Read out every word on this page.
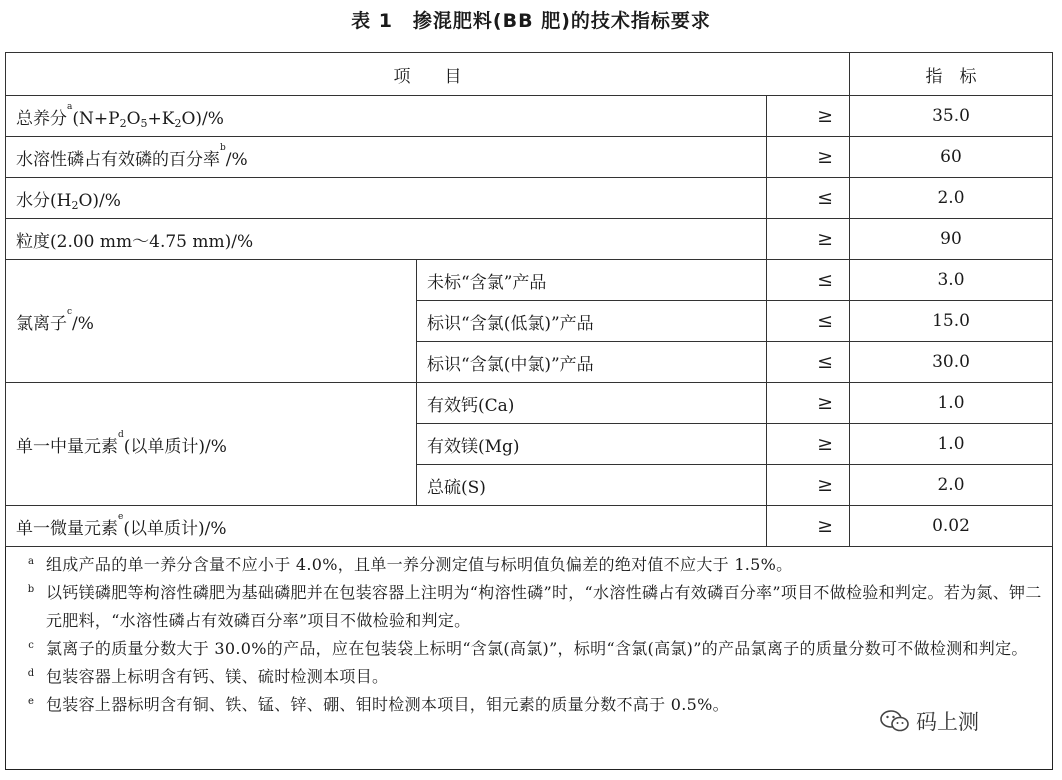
表 1　掺混肥料(BB 肥)的技术指标要求
项　　目			指　标
总养分$^a(N+P_2O_5+K_2O)/\%$		≥	35.0
水溶性磷占有效磷的百分率$^b$/%		≥	60
水分$(H_2O)/\%$		≤	2.0
粒度(2.00 mm～4.75 mm)/%		≥	90
氯离子$^c$/%	未标“含氯”产品	≤	3.0
	标识“含氯(低氯)”产品	≤	15.0
	标识“含氯(中氯)”产品	≤	30.0
单一中量元素$^d$(以单质计)/%	有效钙(Ca)	≥	1.0
	有效镁(Mg)	≥	1.0
	总硫(S)	≥	2.0
单一微量元素$^e$(以单质计)/%		≥	0.02
a 组成产品的单一养分含量不应小于 4.0%，且单一养分测定值与标明值负偏差的绝对值不应大于 1.5%。
b 以钙镁磷肥等枸溶性磷肥为基础磷肥并在包装容器上注明为“枸溶性磷”时，“水溶性磷占有效磷百分率”项目不做检验和判定。若为氮、钾二元肥料，“水溶性磷占有效磷百分率”项目不做检验和判定。
c 氯离子的质量分数大于 30.0%的产品，应在包装袋上标明“含氯(高氯)”，标明“含氯(高氯)”的产品氯离子的质量分数可不做检测和判定。
d 包装容器上标明含有钙、镁、硫时检测本项目。
e 包装容上器标明含有铜、铁、锰、锌、硼、钼时检测本项目，钼元素的质量分数不高于 0.5%。
码上测
